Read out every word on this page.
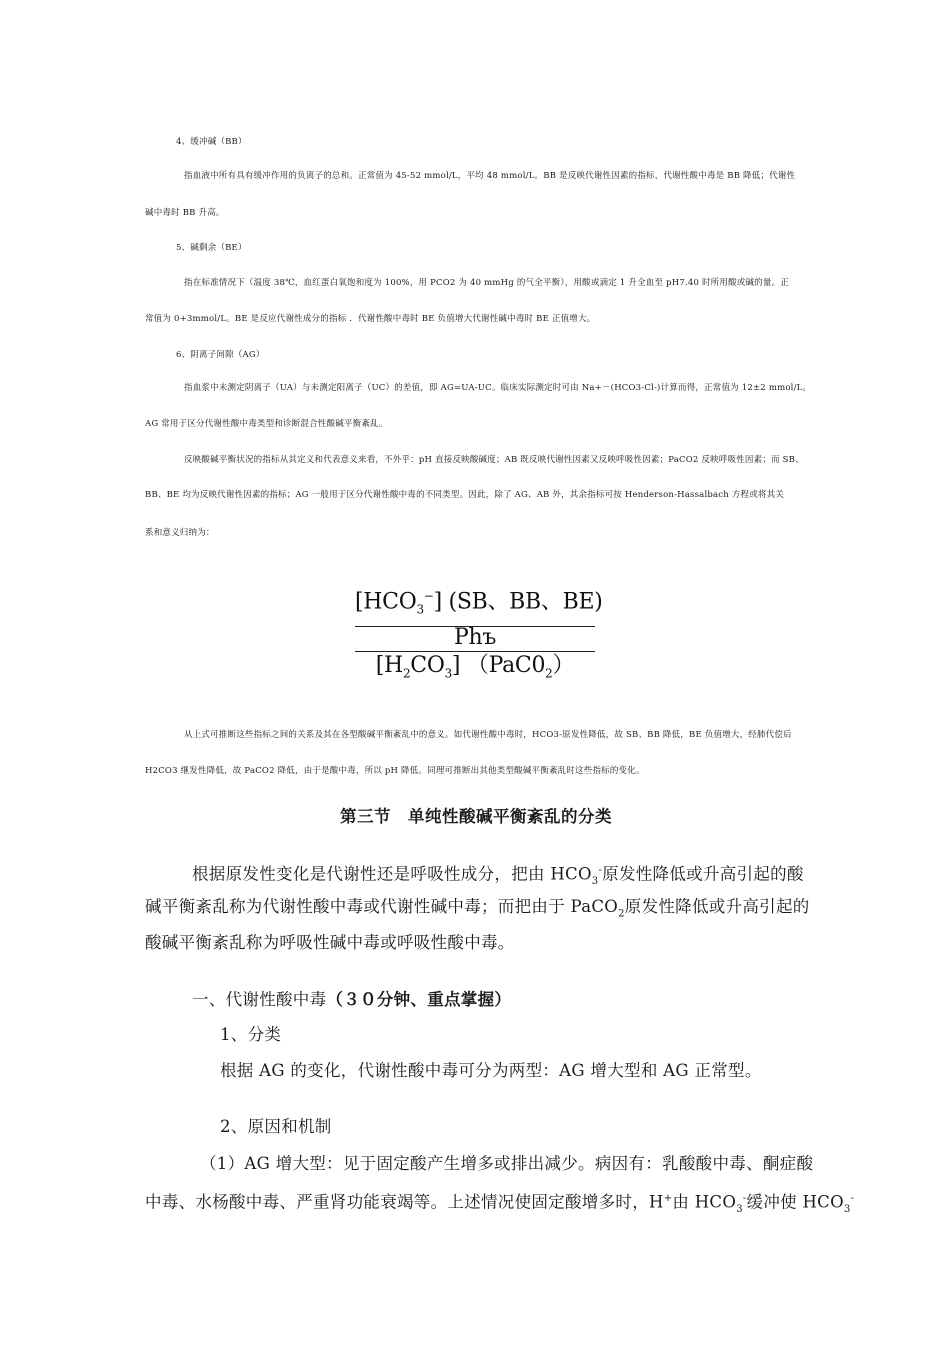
4、缓冲碱（BB）
指血液中所有具有缓冲作用的负离子的总和。正常值为 45-52 mmol/L，平均 48 mmol/L。BB 是反映代谢性因素的指标，代谢性酸中毒是 BB 降低；代谢性
碱中毒时 BB 升高。
5、碱剩余（BE）
指在标准情况下（温度 38℃，血红蛋白氧饱和度为 100%，用 PCO2 为 40 mmHg 的气全平衡），用酸或滴定 1 升全血至 pH7.40 时所用酸或碱的量。正
常值为 0+3mmol/L。BE 是反应代谢性成分的指标 ．代谢性酸中毒时 BE 负值增大代谢性碱中毒时 BE 正值增大。
6、阴离子间隙（AG）
指血浆中未测定阴离子（UA）与未测定阳离子（UC）的差值，即 AG=UA-UC。临床实际测定时可由 Na+－(HCO3-Cl-)计算而得，正常值为 12±2 mmol/L。
AG 常用于区分代谢性酸中毒类型和诊断混合性酸碱平衡紊乱。
反映酸碱平衡状况的指标从其定义和代表意义来看，不外乎：pH 直接反映酸碱度；AB 既反映代谢性因素又反映呼吸性因素；PaCO2 反映呼吸性因素；而 SB、
BB、BE 均为反映代谢性因素的指标；AG 一般用于区分代谢性酸中毒的不同类型。因此，除了 AG、AB 外，其余指标可按 Henderson-Hassalbach 方程或将其关
系和意义归纳为：
$[HCO_3^-]$ (SB、BB、BE)
Phъ
$[H_2CO_3]$ $(PaC0_2)$
从上式可推断这些指标之间的关系及其在各型酸碱平衡紊乱中的意义。如代谢性酸中毒时，HCO3-原发性降低，故 SB、BB 降低，BE 负值增大，经肺代偿后
H2CO3 继发性降低，故 PaCO2 降低，由于是酸中毒，所以 pH 降低。同理可推断出其他类型酸碱平衡紊乱时这些指标的变化。
第三节　单纯性酸碱平衡紊乱的分类
根据原发性变化是代谢性还是呼吸性成分，把由 $HCO_3^-$原发性降低或升高引起的酸
碱平衡紊乱称为代谢性酸中毒或代谢性碱中毒；而把由于 PaCO$_2$原发性降低或升高引起的
酸碱平衡紊乱称为呼吸性碱中毒或呼吸性酸中毒。
一、代谢性酸中毒（３０分钟、重点掌握）
1、分类
根据 AG 的变化，代谢性酸中毒可分为两型：AG 增大型和 AG 正常型。
2、原因和机制
（1）AG 增大型：见于固定酸产生增多或排出减少。病因有：乳酸酸中毒、酮症酸
中毒、水杨酸中毒、严重肾功能衰竭等。上述情况使固定酸增多时，H+由 $HCO_3^-$缓冲使 $HCO_3^-$
